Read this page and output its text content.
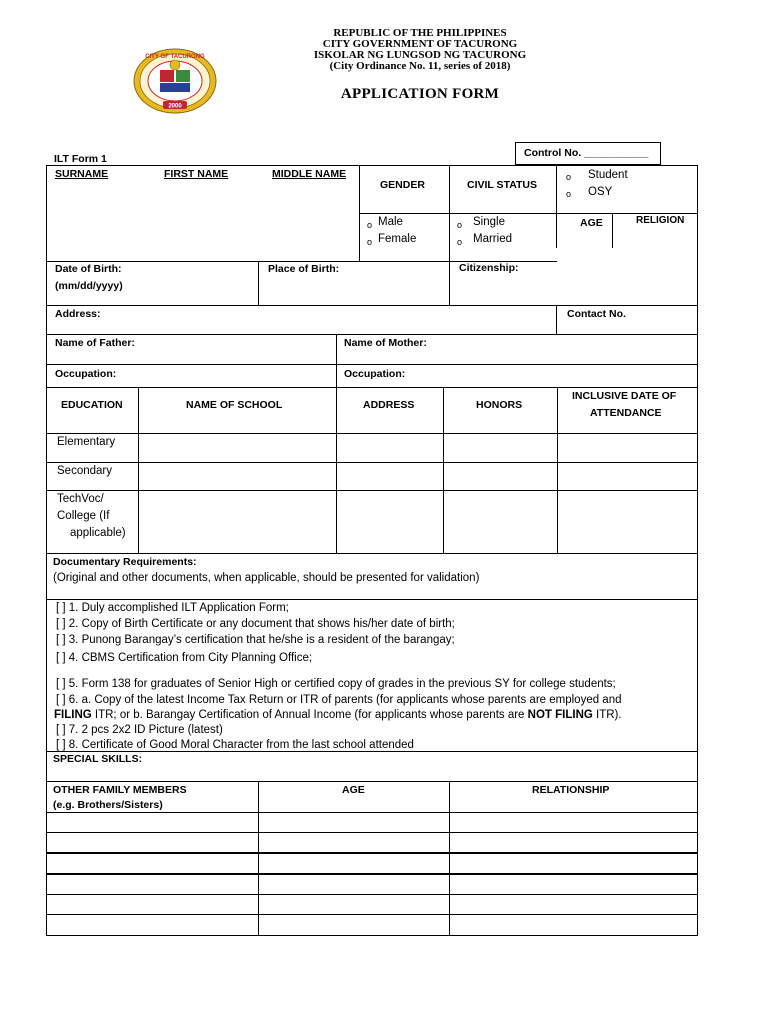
CITY OF TACURONG
2000
REPUBLIC OF THE PHILIPPINES
CITY GOVERNMENT OF TACURONG
ISKOLAR NG LUNGSOD NG TACURONG
(City Ordinance No. 11, series of 2018)
APPLICATION FORM
Control No. ___________
ILT Form 1
SURNAME	FIRST NAME	MIDDLE NAME
GENDER	CIVIL STATUS
o Student
o OSY
o Male
o Female
o Single
o Married
AGE	RELIGION
Date of Birth:
(mm/dd/yyyy)
Place of Birth:	Citizenship:
Address:	Contact No.
Name of Father:	Name of Mother:
Occupation:	Occupation:
EDUCATION	NAME OF SCHOOL	ADDRESS	HONORS
INCLUSIVE DATE OF
ATTENDANCE
Elementary
Secondary
TechVoc/
College (If
applicable)
Documentary Requirements:
(Original and other documents, when applicable, should be presented for validation)
[ ] 1. Duly accomplished ILT Application Form;
[ ] 2. Copy of Birth Certificate or any document that shows his/her date of birth;
[ ] 3. Punong Barangay’s certification that he/she is a resident of the barangay;
[ ] 4. CBMS Certification from City Planning Office;
[ ] 5. Form 138 for graduates of Senior High or certified copy of grades in the previous SY for college students;
[ ] 6. a. Copy of the latest Income Tax Return or ITR of parents (for applicants whose parents are employed and
FILING ITR; or b. Barangay Certification of Annual Income (for applicants whose parents are NOT FILING ITR).
[ ] 7. 2 pcs 2x2 ID Picture (latest)
[ ] 8. Certificate of Good Moral Character from the last school attended
SPECIAL SKILLS:
OTHER FAMILY MEMBERS
(e.g. Brothers/Sisters)
AGE	RELATIONSHIP
